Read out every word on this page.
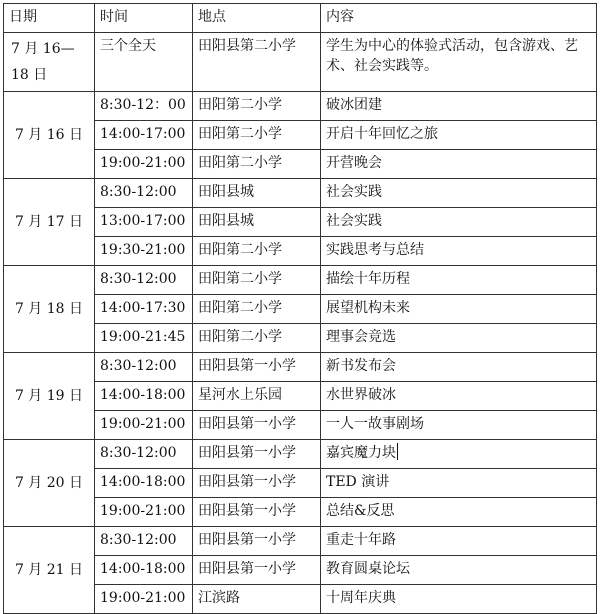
日期	时间	地点	内容
7 月 16—18 日	三个全天	田阳县第二小学	学生为中心的体验式活动，包含游戏、艺术、社会实践等。
7 月 16 日	8:30-12：00	田阳第二小学	破冰团建
	14:00-17:00	田阳第二小学	开启十年回忆之旅
	19:00-21:00	田阳第二小学	开营晚会
7 月 17 日	8:30-12:00	田阳县城	社会实践
	13:00-17:00	田阳县城	社会实践
	19:30-21:00	田阳第二小学	实践思考与总结
7 月 18 日	8:30-12:00	田阳第二小学	描绘十年历程
	14:00-17:30	田阳第二小学	展望机构未来
	19:00-21:45	田阳第二小学	理事会竞选
7 月 19 日	8:30-12:00	田阳县第一小学	新书发布会
	14:00-18:00	星河水上乐园	水世界破冰
	19:00-21:00	田阳县第一小学	一人一故事剧场
7 月 20 日	8:30-12:00	田阳县第一小学	嘉宾魔力块
	14:00-18:00	田阳县第一小学	TED 演讲
	19:00-21:00	田阳县第一小学	总结&反思
7 月 21 日	8:30-12:00	田阳县第一小学	重走十年路
	14:00-18:00	田阳县第一小学	教育圆桌论坛
	19:00-21:00	江滨路	十周年庆典
